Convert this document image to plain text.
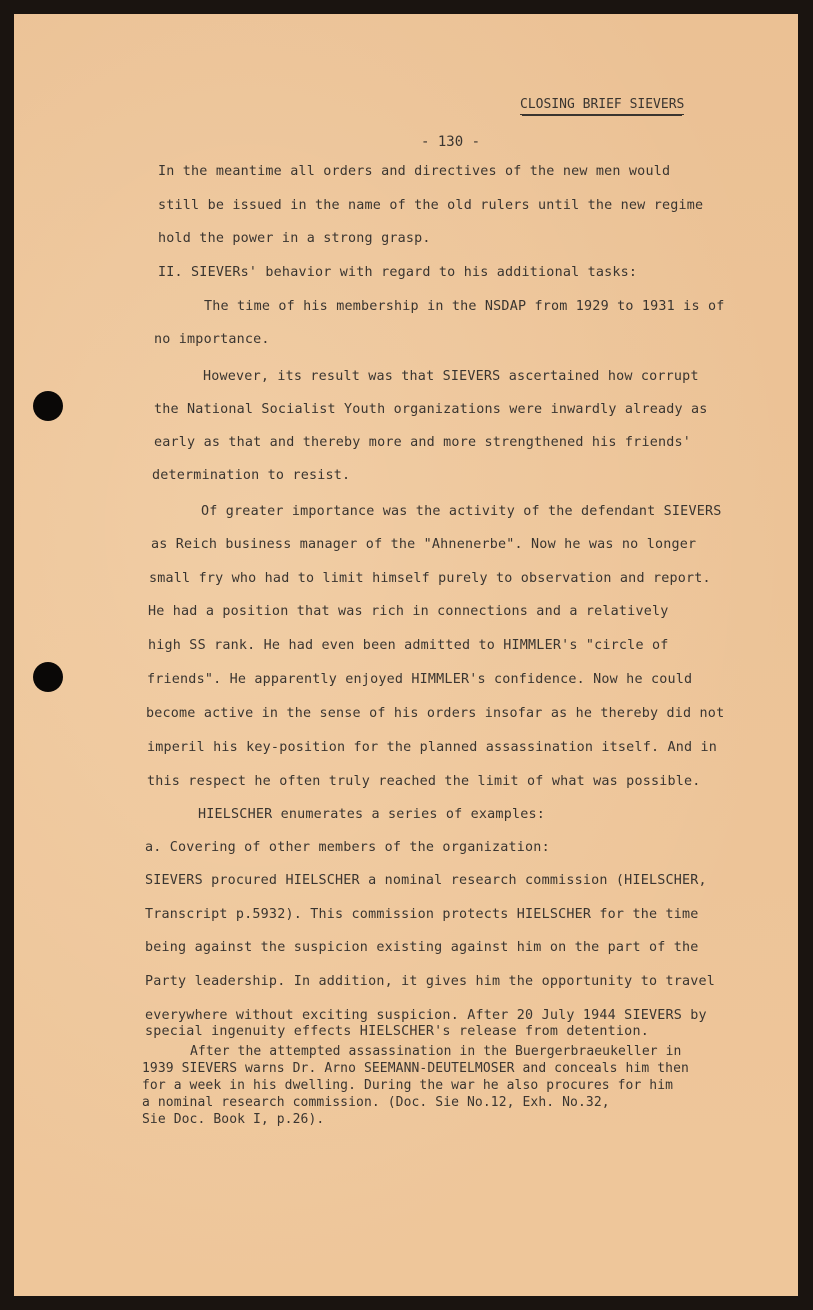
CLOSING BRIEF SIEVERS
- 130 -
In the meantime all orders and directives of the new men would
still be issued in the name of the old rulers until the new regime
hold the power in a strong grasp.
II. SIEVERs' behavior with regard to his additional tasks:
The time of his membership in the NSDAP from 1929 to 1931 is of
no importance.
However, its result was that SIEVERS ascertained how corrupt
the National Socialist Youth organizations were inwardly already as
early as that and thereby more and more strengthened his friends'
determination to resist.
Of greater importance was the activity of the defendant SIEVERS
as Reich business manager of the "Ahnenerbe". Now he was no longer
small fry who had to limit himself purely to observation and report.
He had a position that was rich in connections and a relatively
high SS rank. He had even been admitted to HIMMLER's "circle of
friends". He apparently enjoyed HIMMLER's confidence. Now he could
become active in the sense of his orders insofar as he thereby did not
imperil his key-position for the planned assassination itself. And in
this respect he often truly reached the limit of what was possible.
HIELSCHER enumerates a series of examples:
a. Covering of other members of the organization:
SIEVERS procured HIELSCHER a nominal research commission (HIELSCHER,
Transcript p.5932). This commission protects HIELSCHER for the time
being against the suspicion existing against him on the part of the
Party leadership. In addition, it gives him the opportunity to travel
everywhere without exciting suspicion. After 20 July 1944 SIEVERS by
special ingenuity effects HIELSCHER's release from detention.
After the attempted assassination in the Buergerbraeukeller in
1939 SIEVERS warns Dr. Arno SEEMANN-DEUTELMOSER and conceals him then
for a week in his dwelling. During the war he also procures for him
a nominal research commission. (Doc. Sie No.12, Exh. No.32,
Sie Doc. Book I, p.26).
